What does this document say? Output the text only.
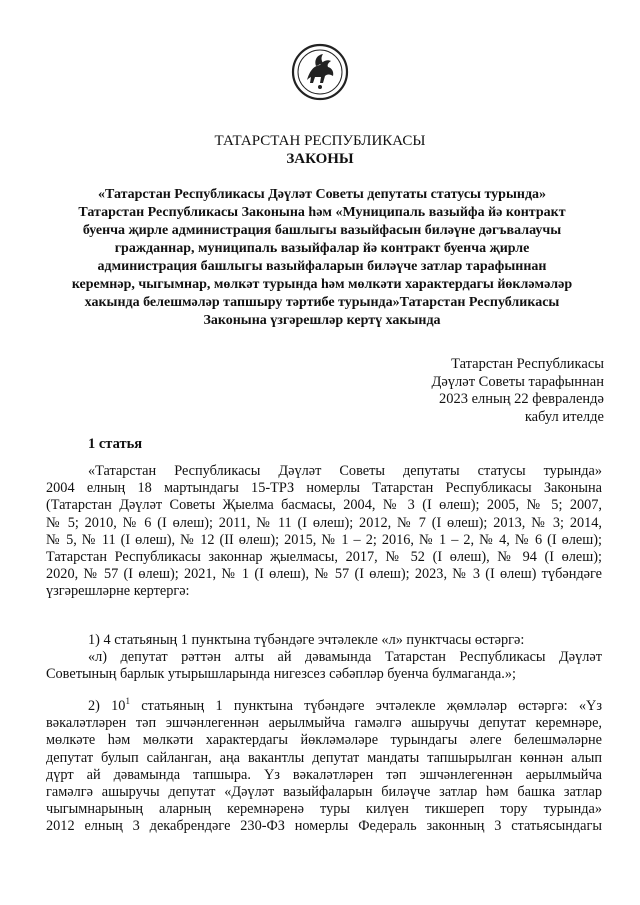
ТАТАРСТАН РЕСПУБЛИКАСЫ
ЗАКОНЫ
«Татарстан Республикасы Дәүләт Советы депутаты статусы турында»
Татарстан Республикасы Законына һәм «Муниципаль вазыйфа йә контракт
буенча җирле администрация башлыгы вазыйфасын биләүне дәгъвалаучы
гражданнар, муниципаль вазыйфалар йә контракт буенча җирле
администрация башлыгы вазыйфаларын биләүче затлар тарафыннан
керемнәр, чыгымнар, мөлкәт турында һәм мөлкәти характердагы йөкләмәләр
хакында белешмәләр тапшыру тәртибе турында»Татарстан Республикасы
Законына үзгәрешләр кертү хакында
Татарстан Республикасы
Дәүләт Советы тарафыннан
2023 елның 22 февралендә
кабул ителде
1 статья
«Татарстан Республикасы Дәүләт Советы депутаты статусы турында»
2004 елның 18 мартындагы 15-ТРЗ номерлы Татарстан Республикасы Законына
(Татарстан Дәүләт Советы Җыелма басмасы, 2004, № 3 (I өлеш); 2005, № 5; 2007,
№ 5; 2010, № 6 (I өлеш); 2011, № 11 (I өлеш); 2012, № 7 (I өлеш); 2013, № 3; 2014,
№ 5, № 11 (I өлеш), № 12 (II өлеш); 2015, № 1 – 2; 2016, № 1 – 2, № 4, № 6 (I өлеш);
Татарстан Республикасы законнар җыелмасы, 2017, № 52 (I өлеш), № 94 (I өлеш);
2020, № 57 (I өлеш); 2021, № 1 (I өлеш), № 57 (I өлеш); 2023, № 3 (I өлеш) түбәндәге
үзгәрешләрне кертергә:
1) 4 статьяның 1 пунктына түбәндәге эчтәлекле «л» пунктчасы өстәргә:
«л) депутат рәттән алты ай дәвамында Татарстан Республикасы Дәүләт
Советының барлык утырышларында нигезсез сәбәпләр буенча булмаганда.»;
2) $10^1$ статьяның 1 пунктына түбәндәге эчтәлекле җөмләләр өстәргә: «Үз
вәкаләтләрен тәп эшчәнлегеннән аерылмыйча гамәлгә ашыручы депутат керемнәре,
мөлкәте һәм мөлкәти характердагы йөкләмәләре турындагы әлеге белешмәләрне
депутат булып сайланган, аңа вакантлы депутат мандаты тапшырылган көннән алып
дүрт ай дәвамында тапшыра. Үз вәкаләтләрен тәп эшчәнлегеннән аерылмыйча
гамәлгә ашыручы депутат «Дәүләт вазыйфаларын биләүче затлар һәм башка затлар
чыгымнарының аларның керемнәренә туры килүен тикшереп тору турында»
2012 елның 3 декабрендәге 230-ФЗ номерлы Федераль законның 3 статьясындагы
